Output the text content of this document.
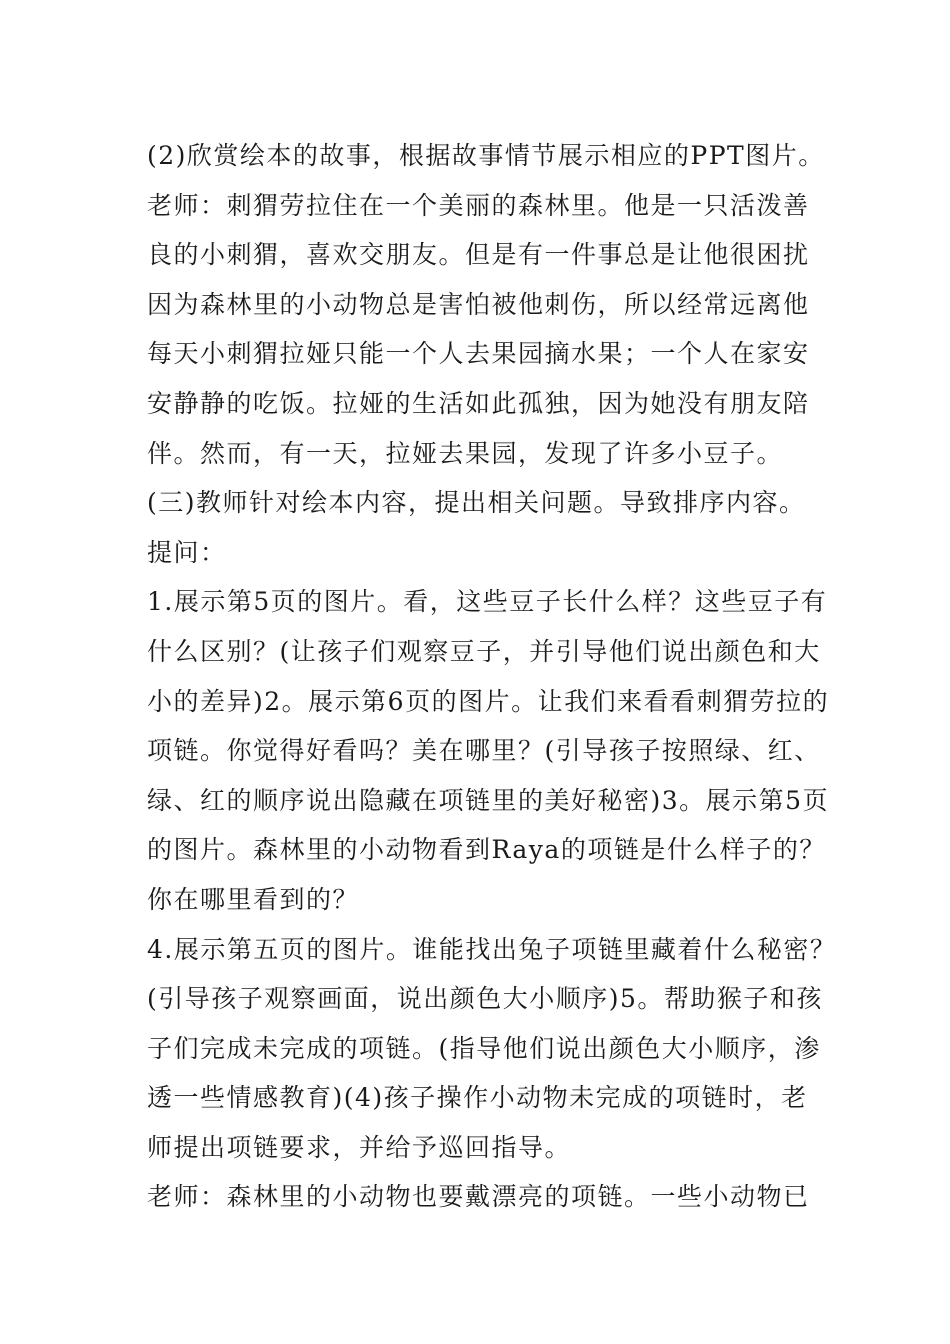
(2)欣赏绘本的故事，根据故事情节展示相应的PPT图片。
老师：刺猬劳拉住在一个美丽的森林里。他是一只活泼善
良的小刺猬，喜欢交朋友。但是有一件事总是让他很困扰
因为森林里的小动物总是害怕被他刺伤，所以经常远离他
每天小刺猬拉娅只能一个人去果园摘水果；一个人在家安
安静静的吃饭。拉娅的生活如此孤独，因为她没有朋友陪
伴。然而，有一天，拉娅去果园，发现了许多小豆子。
(三)教师针对绘本内容，提出相关问题。导致排序内容。
提问：
1.展示第5页的图片。看，这些豆子长什么样？这些豆子有
什么区别？(让孩子们观察豆子，并引导他们说出颜色和大
小的差异)2。展示第6页的图片。让我们来看看刺猬劳拉的
项链。你觉得好看吗？美在哪里？(引导孩子按照绿、红、
绿、红的顺序说出隐藏在项链里的美好秘密)3。展示第5页
的图片。森林里的小动物看到Raya的项链是什么样子的？
你在哪里看到的？
4.展示第五页的图片。谁能找出兔子项链里藏着什么秘密？
(引导孩子观察画面，说出颜色大小顺序)5。帮助猴子和孩
子们完成未完成的项链。(指导他们说出颜色大小顺序，渗
透一些情感教育)(4)孩子操作小动物未完成的项链时，老
师提出项链要求，并给予巡回指导。
老师：森林里的小动物也要戴漂亮的项链。一些小动物已
